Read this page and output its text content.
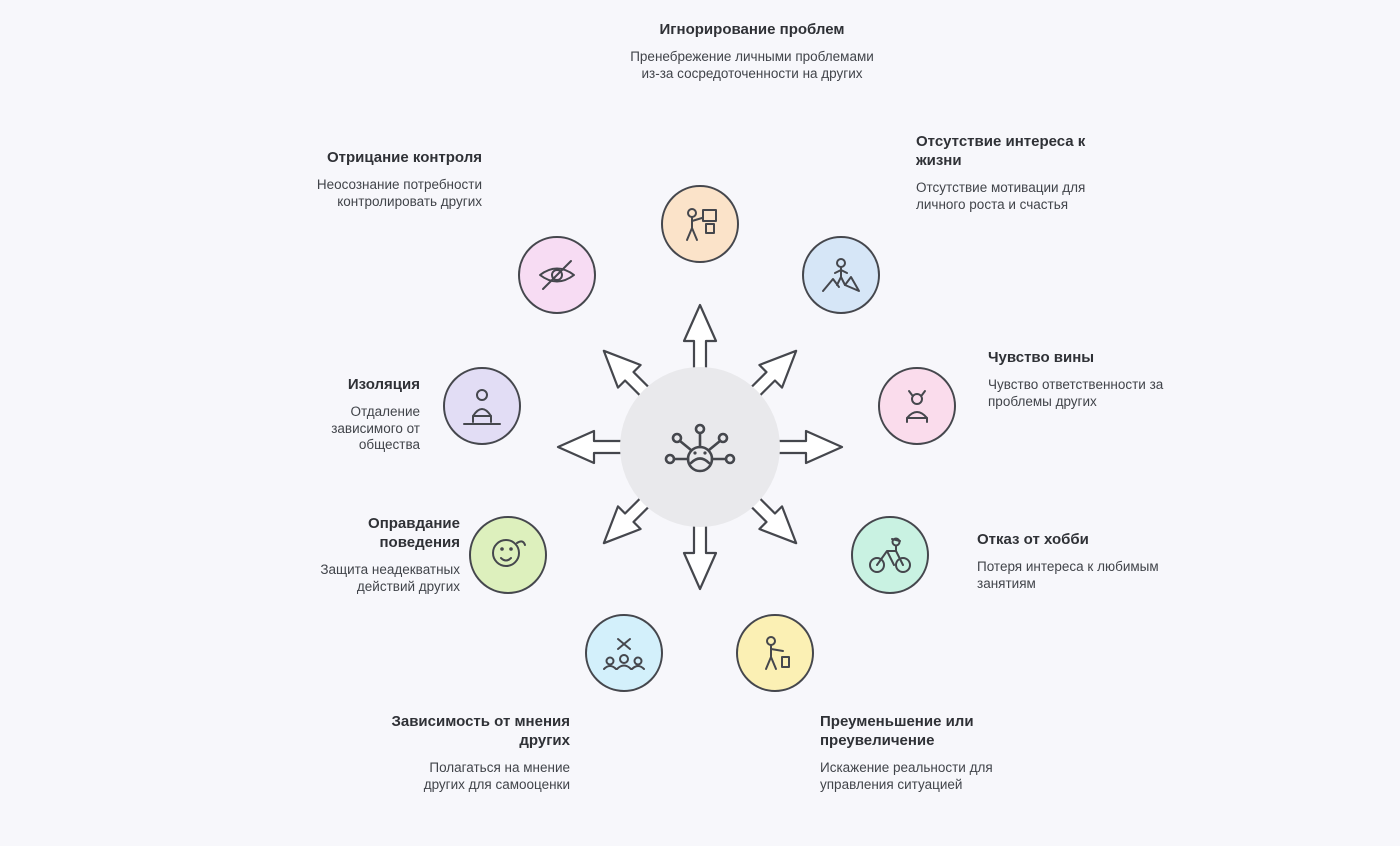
Игнорирование проблем
Пренебрежение личными проблемами из-за сосредоточенности на других
Отсутствие интереса к жизни
Отсутствие мотивации для личного роста и счастья
Чувство вины
Чувство ответственности за проблемы других
Отказ от хобби
Потеря интереса к любимым занятиям
Преуменьшение или преувеличение
Искажение реальности для управления ситуацией
Зависимость от мнения других
Полагаться на мнение других для самооценки
Оправдание поведения
Защита неадекватных действий других
Изоляция
Отдаление зависимого от общества
Отрицание контроля
Неосознание потребности контролировать других
